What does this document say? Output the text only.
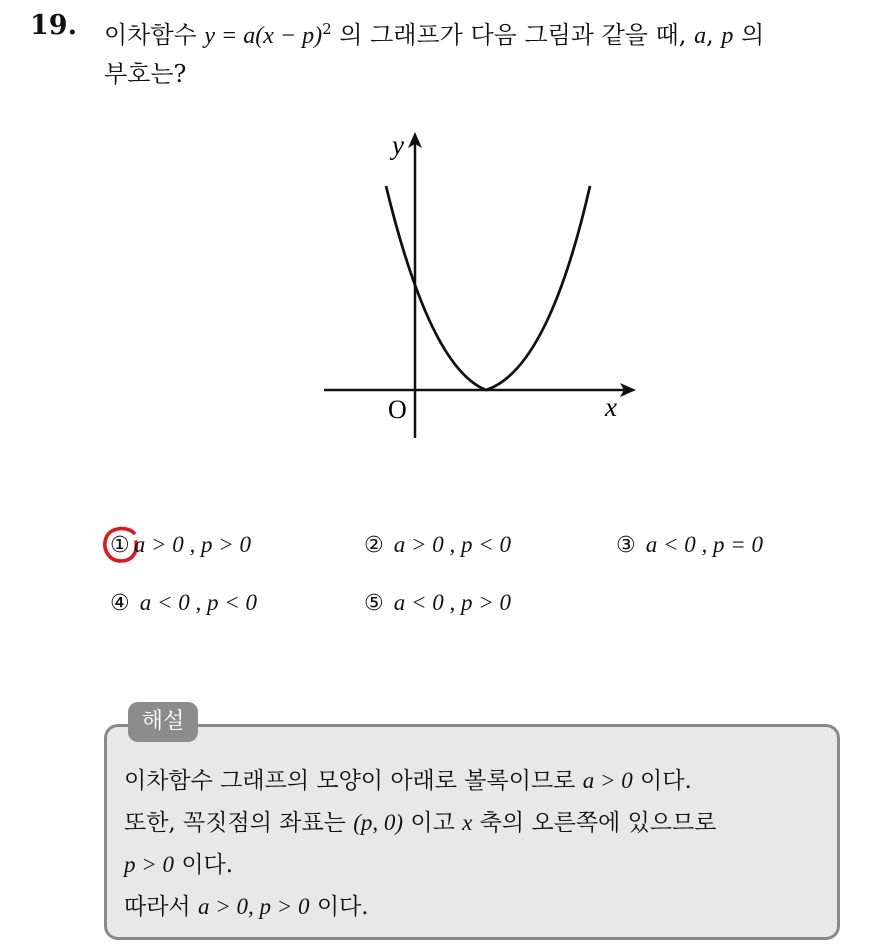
19. 이차함수 $y = a(x - p)^2$ 의 그래프가 다음 그림과 같을 때, a, p 의
부호는?
y
x
O
① a > 0 , p > 0	② a > 0 , p < 0	③ a < 0 , p = 0
④ a < 0 , p < 0	⑤ a < 0 , p > 0
해설
이차함수 그래프의 모양이 아래로 볼록이므로 a > 0 이다.
또한, 꼭짓점의 좌표는 (p, 0) 이고 x 축의 오른쪽에 있으므로
p > 0 이다.
따라서 a > 0, p > 0 이다.
